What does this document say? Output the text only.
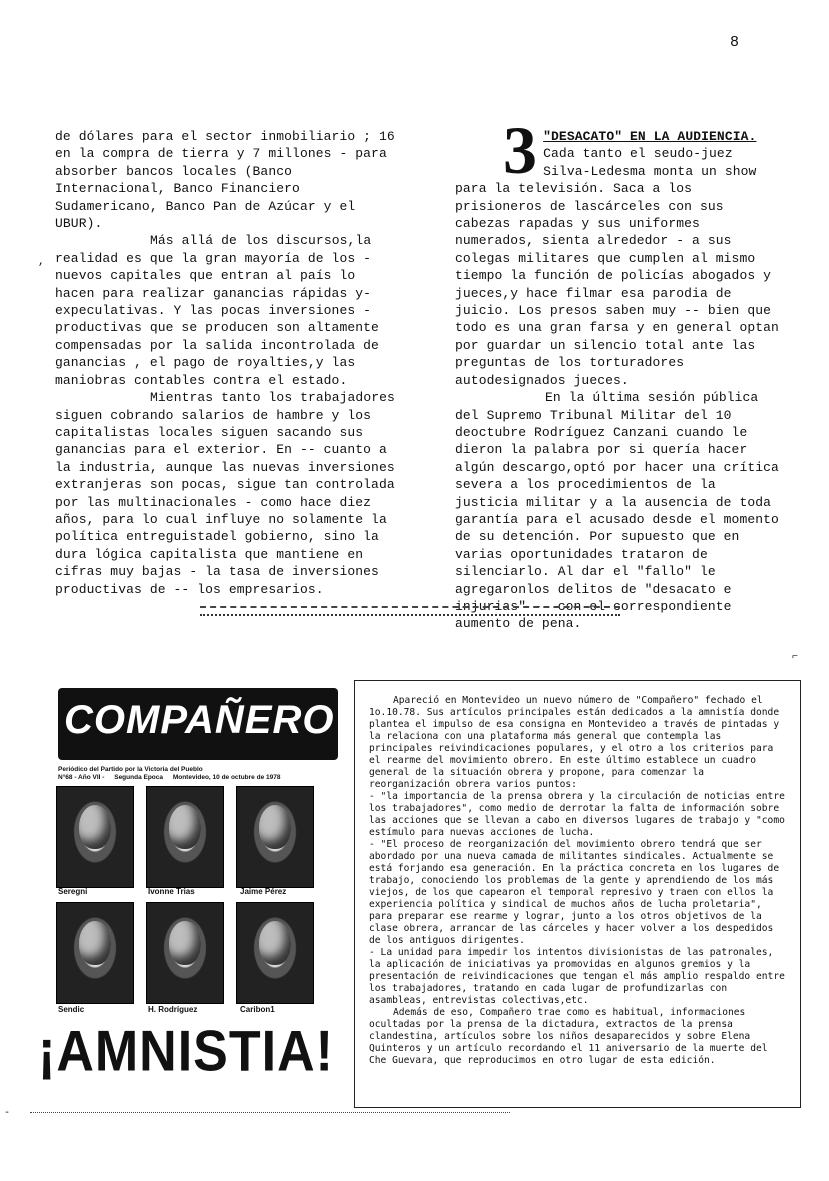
8
,

de dólares para el sector inmobiliario ; 16 en la compra de tierra y 7 millones - para absorber bancos locales (Banco Internacional, Banco Financiero Sudamericano, Banco Pan de Azúcar y el UBUR).

Más allá de los discursos,la realidad es que la gran mayoría de los - nuevos capitales que entran al país lo hacen para realizar ganancias rápidas y- expeculativas. Y las pocas inversiones - productivas que se producen son altamente compensadas por la salida incontrolada de ganancias , el pago de royalties,y las maniobras contables contra el estado.

Mientras tanto los trabajadores siguen cobrando salarios de hambre y los capitalistas locales siguen sacando sus ganancias para el exterior. En -- cuanto a la industria, aunque las nuevas inversiones extranjeras son pocas, sigue tan controlada por las multinacionales - como hace diez años, para lo cual influye no solamente la política entreguistadel gobierno, sino la dura lógica capitalista que mantiene en cifras muy bajas - la tasa de inversiones productivas de -- los empresarios.

3 "DESACATO" EN LA AUDIENCIA. Cada tanto el seudo-juez Silva-Ledesma monta un show para la televisión. Saca a los prisioneros de lascárceles con sus cabezas rapadas y sus uniformes numerados, sienta alrededor - a sus colegas militares que cumplen al mismo tiempo la función de policías abogados y jueces,y hace filmar esa parodia de juicio. Los presos saben muy -- bien que todo es una gran farsa y en general optan por guardar un silencio total ante las preguntas de los torturadores autodesignados jueces.

En la última sesión pública del Supremo Tribunal Militar del 10 deoctubre Rodríguez Canzani cuando le dieron la palabra por si quería hacer algún descargo,optó por hacer una crítica severa a los procedimientos de la justicia militar y a la ausencia de toda garantía para el acusado desde el momento de su detención. Por supuesto que en varias oportunidades trataron de silenciarlo. Al dar el "fallo" le agregaronlos delitos de "desacato e injurias" -- con el correspondiente aumento de pena.

⌐
COMPAÑERO
Periódico del Partido por la Victoria del Pueblo
N°68 - Año VII - Segunda Epoca Montevideo, 10 de octubre de 1978
Seregni	Ivonne Trias	Jaime Pérez
Sendic	H. Rodríguez	Caribon1
¡AMNISTIA!

Apareció en Montevideo un nuevo número de "Compañero" fechado el 1o.10.78. Sus artículos principales están dedicados a la amnistía donde plantea el impulso de esa consigna en Montevideo a través de pintadas y la relaciona con una plataforma más general que contempla las principales reivindicaciones populares, y el otro a los criterios para el rearme del movimiento obrero. En este último establece un cuadro general de la situación obrera y propone, para comenzar la reorganización obrera varios puntos:

- "la importancia de la prensa obrera y la circulación de noticias entre los trabajadores", como medio de derrotar la falta de información sobre las acciones que se llevan a cabo en diversos lugares de trabajo y "como estímulo para nuevas acciones de lucha.

- "El proceso de reorganización del movimiento obrero tendrá que ser abordado por una nueva camada de militantes sindicales. Actualmente se está forjando esa generación. En la práctica concreta en los lugares de trabajo, conociendo los problemas de la gente y aprendiendo de los más viejos, de los que capearon el temporal represivo y traen con ellos la experiencia política y sindical de muchos años de lucha proletaria", para preparar ese rearme y lograr, junto a los otros objetivos de la clase obrera, arrancar de las cárceles y hacer volver a los despedidos de los antiguos dirigentes.

- La unidad para impedir los intentos divisionistas de las patronales, la aplicación de iniciativas ya promovidas en algunos gremios y la presentación de reivindicaciones que tengan el más amplio respaldo entre los trabajadores, tratando en cada lugar de profundizarlas con asambleas, entrevistas colectivas,etc.

Además de eso, Compañero trae como es habitual, informaciones ocultadas por la prensa de la dictadura, extractos de la prensa clandestina, artículos sobre los niños desaparecidos y sobre Elena Quinteros y un artículo recordando el 11 aniversario de la muerte del Che Guevara, que reproducimos en otro lugar de esta edición.

-
